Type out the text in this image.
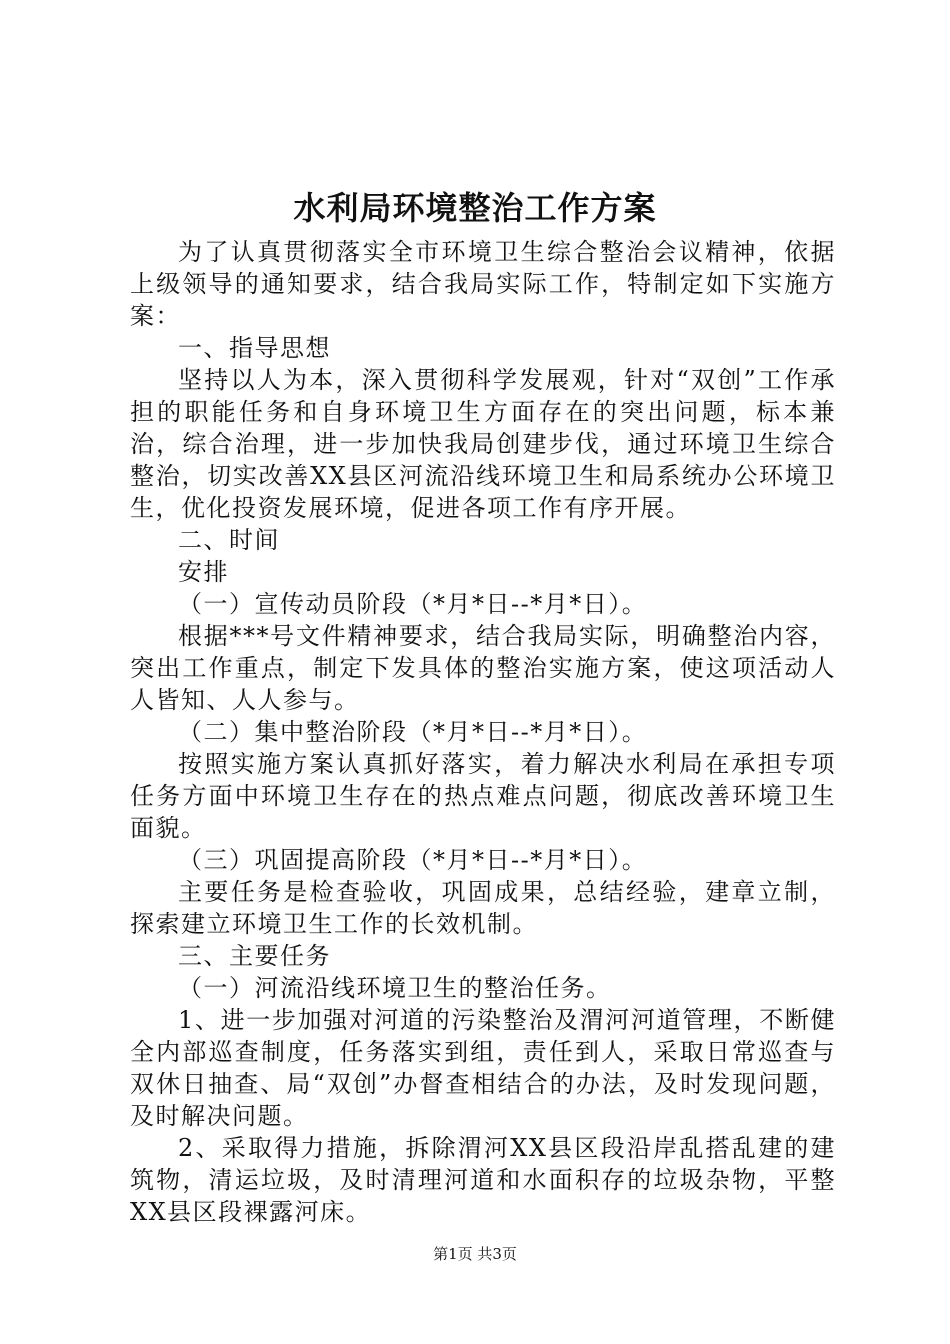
水利局环境整治工作方案

为了认真贯彻落实全市环境卫生综合整治会议精神，依据上级领导的通知要求，结合我局实际工作，特制定如下实施方案：

一、指导思想

坚持以人为本，深入贯彻科学发展观，针对“双创”工作承担的职能任务和自身环境卫生方面存在的突出问题，标本兼治，综合治理，进一步加快我局创建步伐，通过环境卫生综合整治，切实改善XX县区河流沿线环境卫生和局系统办公环境卫生，优化投资发展环境，促进各项工作有序开展。

二、时间

安排

（一）宣传动员阶段（*月*日--*月*日）。

根据***号文件精神要求，结合我局实际，明确整治内容，突出工作重点，制定下发具体的整治实施方案，使这项活动人人皆知、人人参与。

（二）集中整治阶段（*月*日--*月*日）。

按照实施方案认真抓好落实，着力解决水利局在承担专项任务方面中环境卫生存在的热点难点问题，彻底改善环境卫生面貌。

（三）巩固提高阶段（*月*日--*月*日）。

主要任务是检查验收，巩固成果，总结经验，建章立制，探索建立环境卫生工作的长效机制。

三、主要任务

（一）河流沿线环境卫生的整治任务。

1、进一步加强对河道的污染整治及渭河河道管理，不断健全内部巡查制度，任务落实到组，责任到人，采取日常巡查与双休日抽查、局“双创”办督查相结合的办法，及时发现问题，及时解决问题。

2、采取得力措施，拆除渭河XX县区段沿岸乱搭乱建的建筑物，清运垃圾，及时清理河道和水面积存的垃圾杂物，平整XX县区段裸露河床。

第1页 共3页
